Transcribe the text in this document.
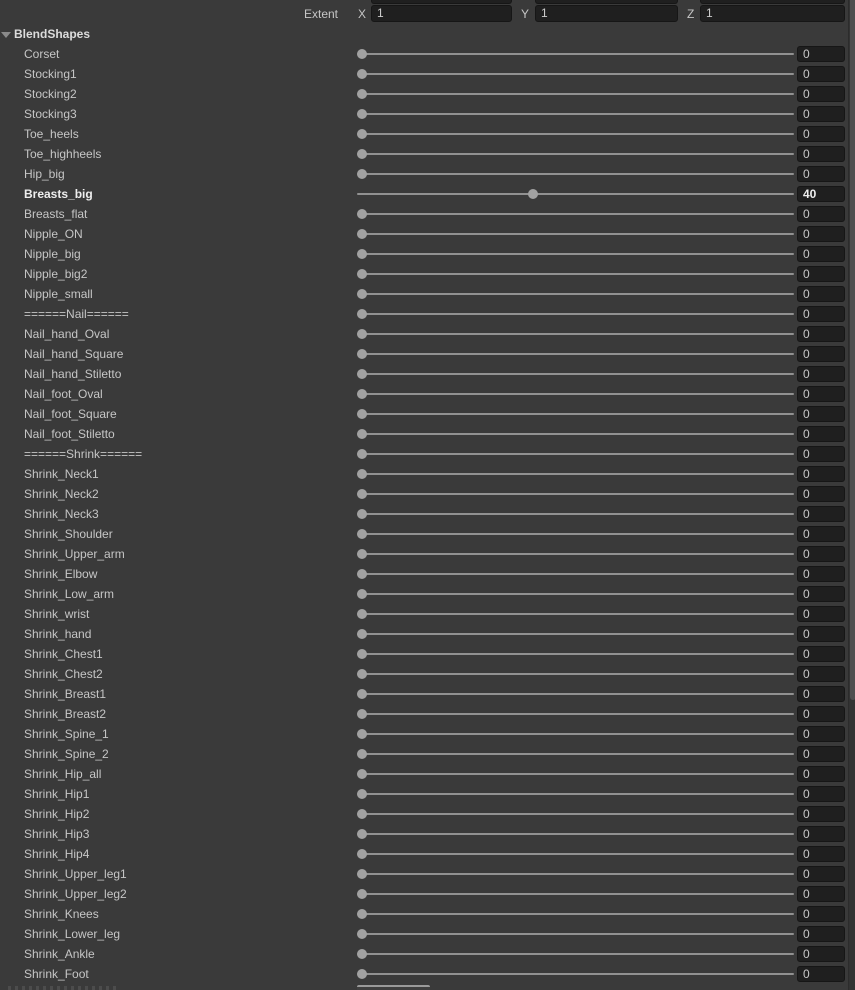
Extent X 1	Y 1	Z 1
BlendShapes
Corset	0
Stocking1	0
Stocking2	0
Stocking3	0
Toe_heels	0
Toe_highheels	0
Hip_big	0
Breasts_big	40
Breasts_flat	0
Nipple_ON	0
Nipple_big	0
Nipple_big2	0
Nipple_small	0
======Nail======	0
Nail_hand_Oval	0
Nail_hand_Square	0
Nail_hand_Stiletto	0
Nail_foot_Oval	0
Nail_foot_Square	0
Nail_foot_Stiletto	0
======Shrink======	0
Shrink_Neck1	0
Shrink_Neck2	0
Shrink_Neck3	0
Shrink_Shoulder	0
Shrink_Upper_arm	0
Shrink_Elbow	0
Shrink_Low_arm	0
Shrink_wrist	0
Shrink_hand	0
Shrink_Chest1	0
Shrink_Chest2	0
Shrink_Breast1	0
Shrink_Breast2	0
Shrink_Spine_1	0
Shrink_Spine_2	0
Shrink_Hip_all	0
Shrink_Hip1	0
Shrink_Hip2	0
Shrink_Hip3	0
Shrink_Hip4	0
Shrink_Upper_leg1	0
Shrink_Upper_leg2	0
Shrink_Knees	0
Shrink_Lower_leg	0
Shrink_Ankle	0
Shrink_Foot	0
